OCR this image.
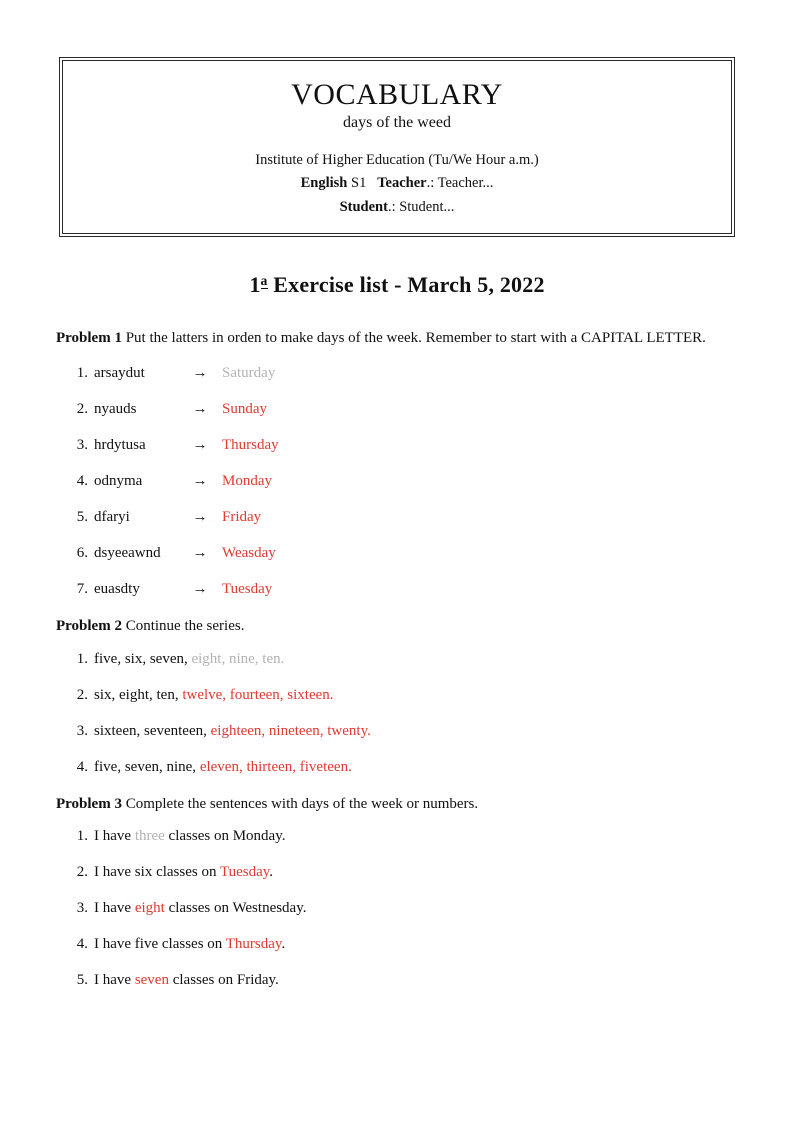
VOCABULARY
days of the weed
Institute of Higher Education (Tu/We Hour a.m.)
English S1 Teacher.: Teacher...
Student.: Student...
1$^a$ Exercise list - March 5, 2022

Problem 1 Put the latters in orden to make days of the week. Remember to start with a CAPITAL LETTER.

1. arsaydut	→ Saturday
2. nyauds	→ Sunday
3. hrdytusa	→ Thursday
4. odnyma	→ Monday
5. dfaryi	→ Friday
6. dsyeeawnd → Weasday
7. euasdty	→ Tuesday

Problem 2 Continue the series.

1. five, six, seven, eight, nine, ten.
2. six, eight, ten, twelve, fourteen, sixteen.
3. sixteen, seventeen, eighteen, nineteen, twenty.
4. five, seven, nine, eleven, thirteen, fiveteen.

Problem 3 Complete the sentences with days of the week or numbers.

1. I have three classes on Monday.
2. I have six classes on Tuesday.
3. I have eight classes on Westnesday.
4. I have five classes on Thursday.
5. I have seven classes on Friday.
